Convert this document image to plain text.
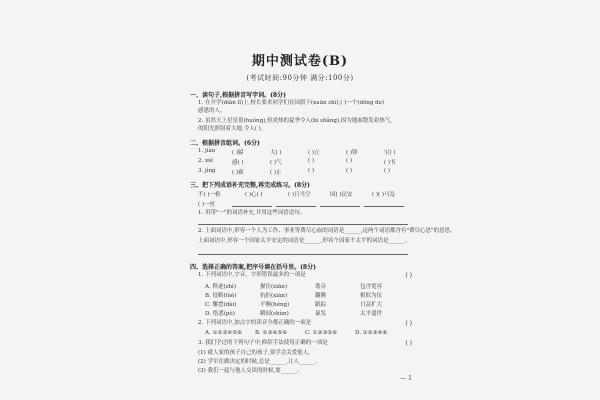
期中测试卷(B)
(考试时间:90分钟 满分:100分)
一、读句子,根据拼音写字词。(8分)
1. 在开学(diǎn lǐ)上,校长要求同学们在国旗下(xuān shì),( )一个(dǒng de)
感恩的人。
2. 虽然天上星星很(huǒng),但炎热的夏季令人(bì shǎng),因为地面散发着热气,
的阳光照射着大地,令人( )。
二、根据拼音组词。(6分)
1. jiàn	( )躲	大( )	( )立	( )锋	宝( )
2. xiè	感( )	( )气	( )	( )	( )书
3. jìng	( )赛	( )止	( )	( )	( )
三、把下列成语补充完整,再完成练习。(8分)
不( )一格	( )心( )	( )日当空	国( )民安	( )( )马乱
( )一丝
1. 用带"一"的词语补充,并用这些词语造句。
2. 上面词语中,形容一个人为工作、事业等费尽心血的词语是______,这两个词语都含有"费尽心思"的意思。
上面词语中,形容一个国家太平安定的词语是______,形容个国家不太平的词语是______。
四、选择正确的答案,把序号填在括号里。(8分)
1. 下列词语中,字音、字形错误最多的一项是	( )
A. 释迹(zhì)	握住(xiān)	谐音	包含宽容
B. 侵略(lüè)	抗拒(xiàn)	翻腾	相似为伍
C. 懈怠(dài)	平衡(héng)	跟踪	日益扩大
D. 恪悉(pò)	瞬间(shùn)	暴发	太平盛世
2. 下列词语中,加点字的读音全都正确的一项是	( )
A. ①②③④⑤⑥ B. ①③④⑤⑥	C. ①②③⑤⑥	D. ①②③④⑥
3. 我们学过的下列句子中,修辞手法使用正确的一项是	( )
(1) 就人家的孩子自己的孩子,要学会关爱他人。
(2) 学军在做决定的时候,总是______,让人______。
(3) 我们一起与他人交谈的时候,要______。
— 1
